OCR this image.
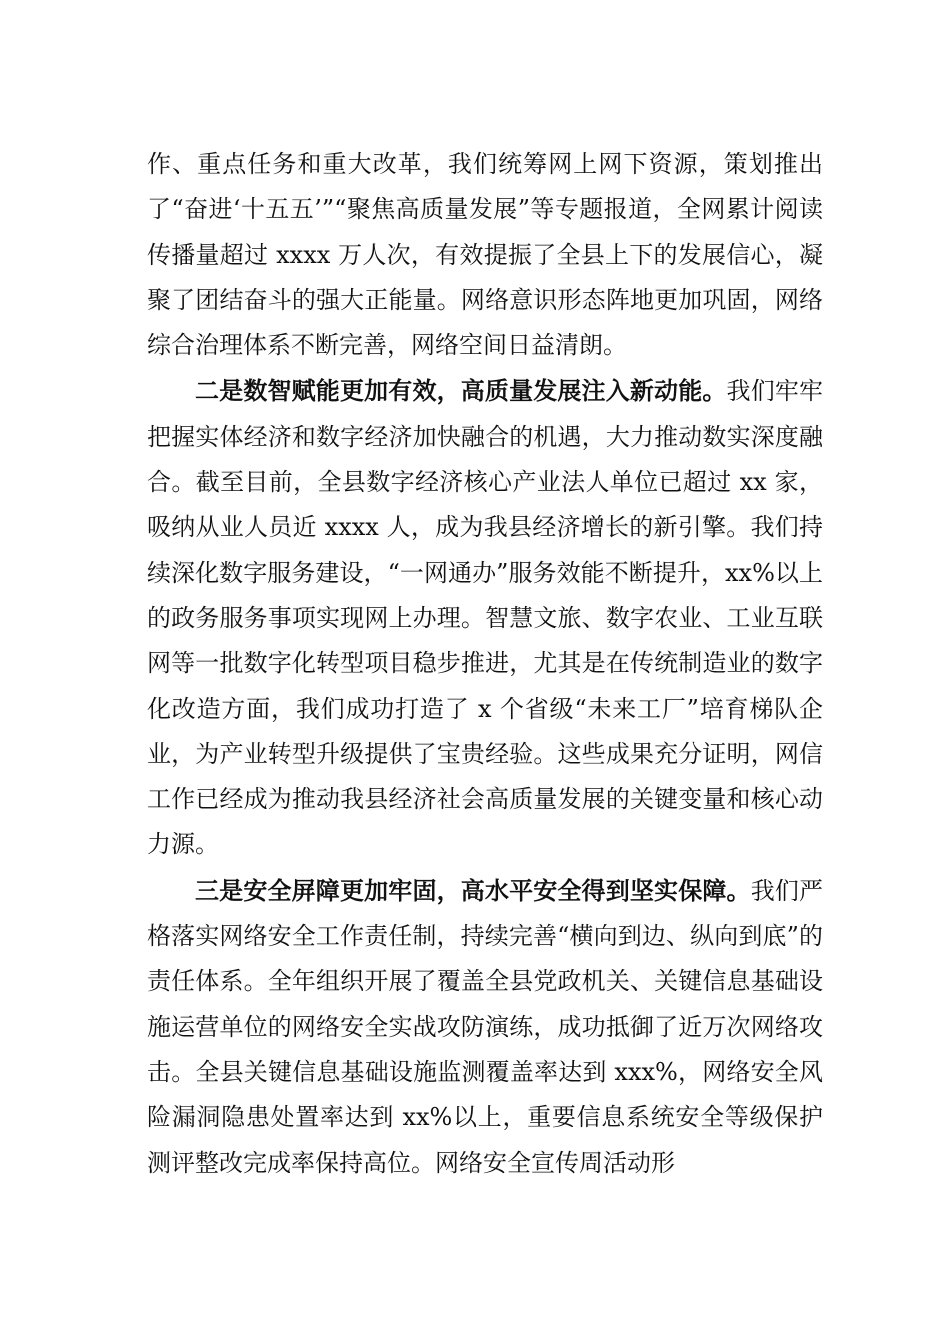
作、重点任务和重大改革，我们统筹网上网下资源，策划推出了“奋进‘十五五’”“聚焦高质量发展”等专题报道，全网累计阅读传播量超过 xxxx 万人次，有效提振了全县上下的发展信心，凝聚了团结奋斗的强大正能量。网络意识形态阵地更加巩固，网络综合治理体系不断完善，网络空间日益清朗。

二是数智赋能更加有效，高质量发展注入新动能。我们牢牢把握实体经济和数字经济加快融合的机遇，大力推动数实深度融合。截至目前，全县数字经济核心产业法人单位已超过 xx 家，吸纳从业人员近 xxxx 人，成为我县经济增长的新引擎。我们持续深化数字服务建设，“一网通办”服务效能不断提升，xx%以上的政务服务事项实现网上办理。智慧文旅、数字农业、工业互联网等一批数字化转型项目稳步推进，尤其是在传统制造业的数字化改造方面，我们成功打造了 x 个省级“未来工厂”培育梯队企业，为产业转型升级提供了宝贵经验。这些成果充分证明，网信工作已经成为推动我县经济社会高质量发展的关键变量和核心动力源。

三是安全屏障更加牢固，高水平安全得到坚实保障。我们严格落实网络安全工作责任制，持续完善“横向到边、纵向到底”的责任体系。全年组织开展了覆盖全县党政机关、关键信息基础设施运营单位的网络安全实战攻防演练，成功抵御了近万次网络攻击。全县关键信息基础设施监测覆盖率达到 xxx%，网络安全风险漏洞隐患处置率达到 xx%以上，重要信息系统安全等级保护测评整改完成率保持高位。网络安全宣传周活动形
